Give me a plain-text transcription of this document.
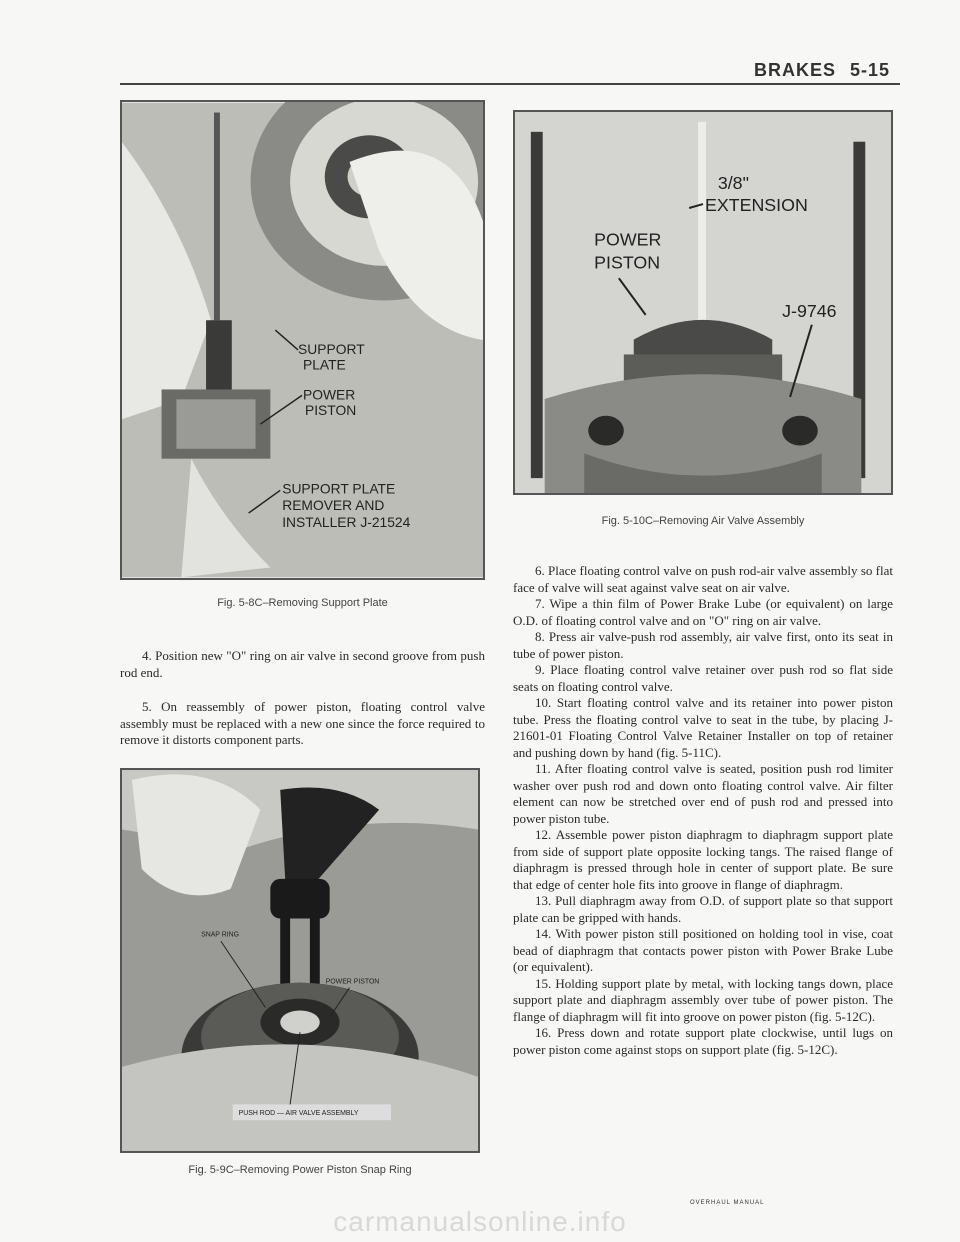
BRAKES 5-15
SUPPORT
PLATE
POWER
PISTON
SUPPORT PLATE
REMOVER AND
INSTALLER J-21524
Fig. 5-8C–Removing Support Plate

4. Position new "O" ring on air valve in second groove from push rod end.

5. On reassembly of power piston, floating control valve assembly must be replaced with a new one since the force required to remove it distorts component parts.

SNAP RING
POWER PISTON
PUSH ROD — AIR VALVE ASSEMBLY
Fig. 5-9C–Removing Power Piston Snap Ring
3/8"
EXTENSION
POWER
PISTON
J-9746
Fig. 5-10C–Removing Air Valve Assembly

6. Place floating control valve on push rod-air valve assembly so flat face of valve will seat against valve seat on air valve.

7. Wipe a thin film of Power Brake Lube (or equivalent) on large O.D. of floating control valve and on "O" ring on air valve.

8. Press air valve-push rod assembly, air valve first, onto its seat in tube of power piston.

9. Place floating control valve retainer over push rod so flat side seats on floating control valve.

10. Start floating control valve and its retainer into power piston tube. Press the floating control valve to seat in the tube, by placing J-21601-01 Floating Control Valve Retainer Installer on top of retainer and pushing down by hand (fig. 5-11C).

11. After floating control valve is seated, position push rod limiter washer over push rod and down onto floating control valve. Air filter element can now be stretched over end of push rod and pressed into power piston tube.

12. Assemble power piston diaphragm to diaphragm support plate from side of support plate opposite locking tangs. The raised flange of diaphragm is pressed through hole in center of support plate. Be sure that edge of center hole fits into groove in flange of diaphragm.

13. Pull diaphragm away from O.D. of support plate so that support plate can be gripped with hands.

14. With power piston still positioned on holding tool in vise, coat bead of diaphragm that contacts power piston with Power Brake Lube (or equivalent).

15. Holding support plate by metal, with locking tangs down, place support plate and diaphragm assembly over tube of power piston. The flange of diaphragm will fit into groove on power piston (fig. 5-12C).

16. Press down and rotate support plate clockwise, until lugs on power piston come against stops on support plate (fig. 5-12C).

OVERHAUL MANUAL
carmanualsonline.info
